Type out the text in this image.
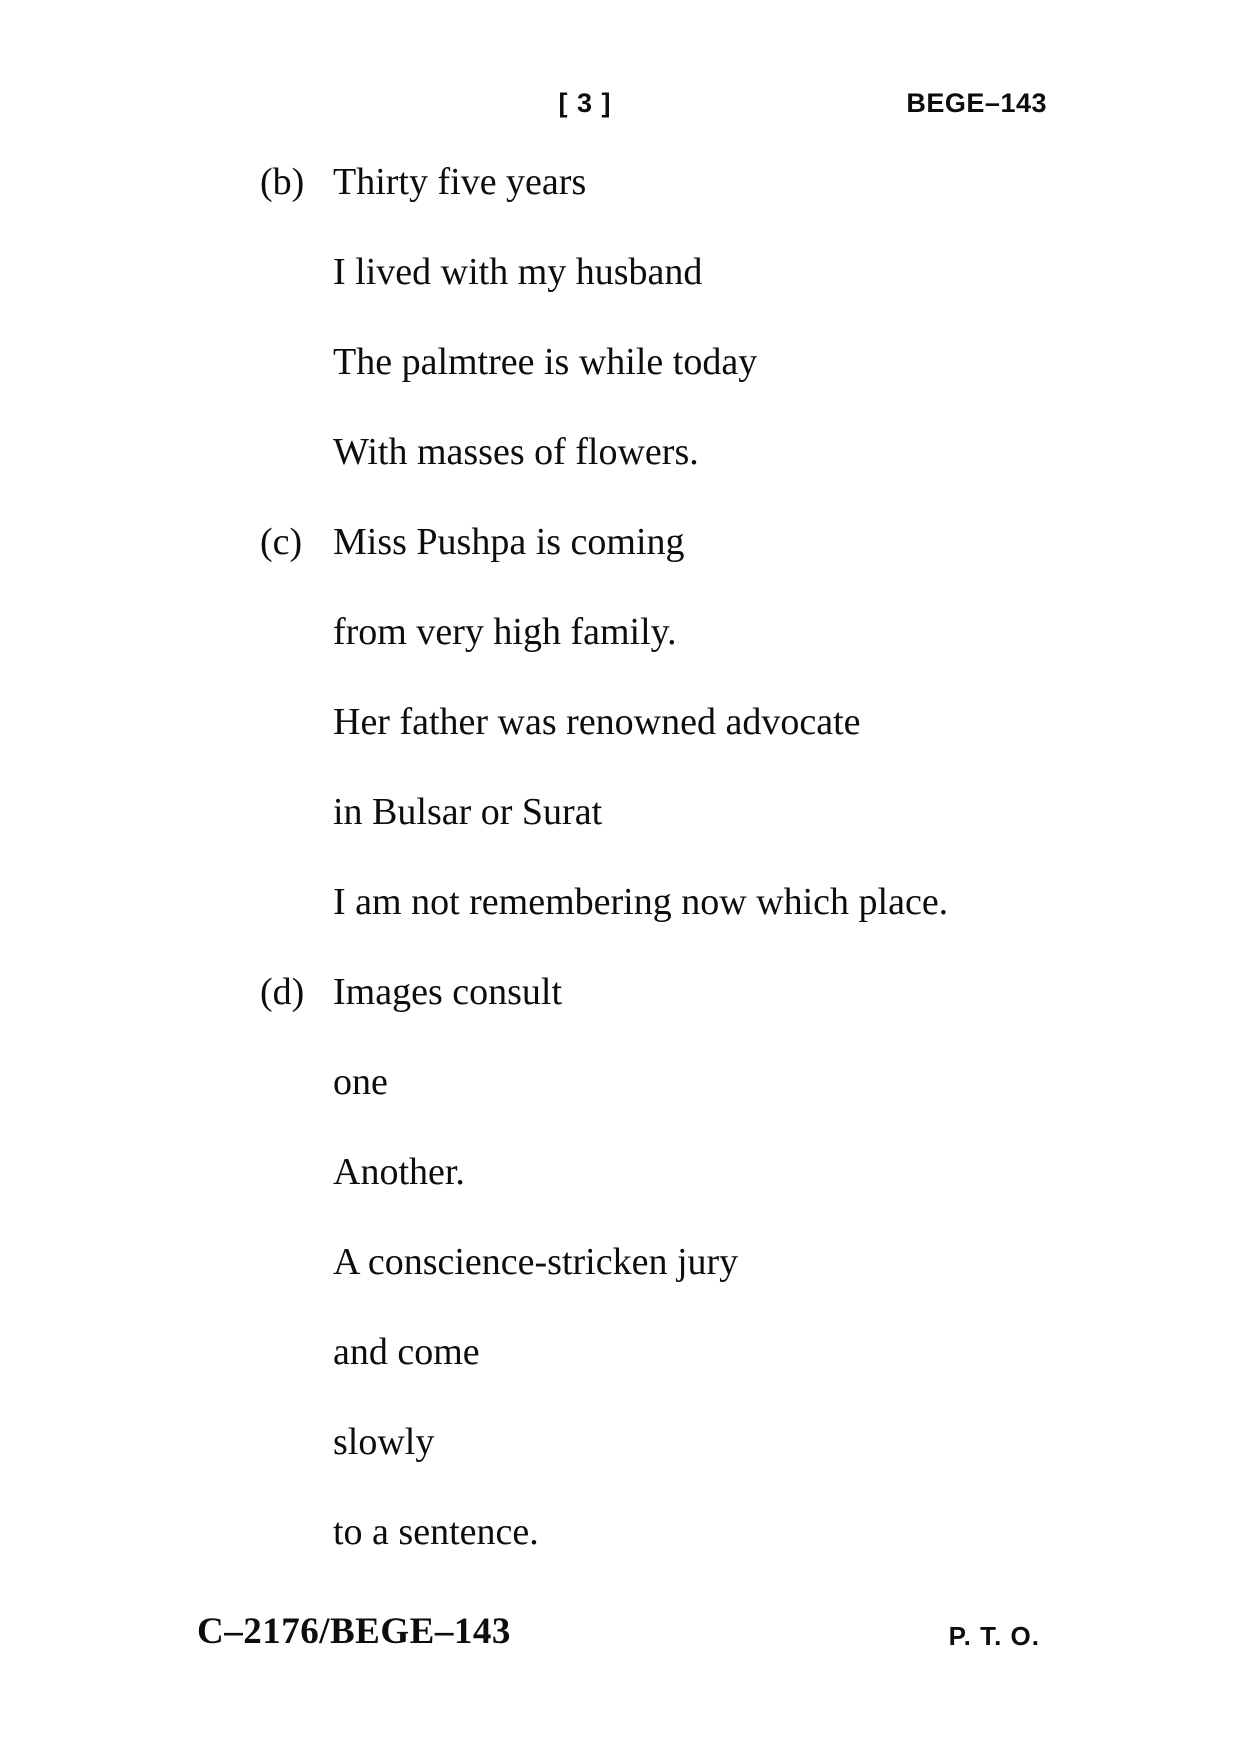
[ 3 ]	BEGE–143
(b) Thirty five years
I lived with my husband
The palmtree is while today
With masses of flowers.
(c) Miss Pushpa is coming
from very high family.
Her father was renowned advocate
in Bulsar or Surat
I am not remembering now which place.
(d) Images consult
one
Another.
A conscience-stricken jury
and come
slowly
to a sentence.
C–2176/BEGE–143	P. T. O.
